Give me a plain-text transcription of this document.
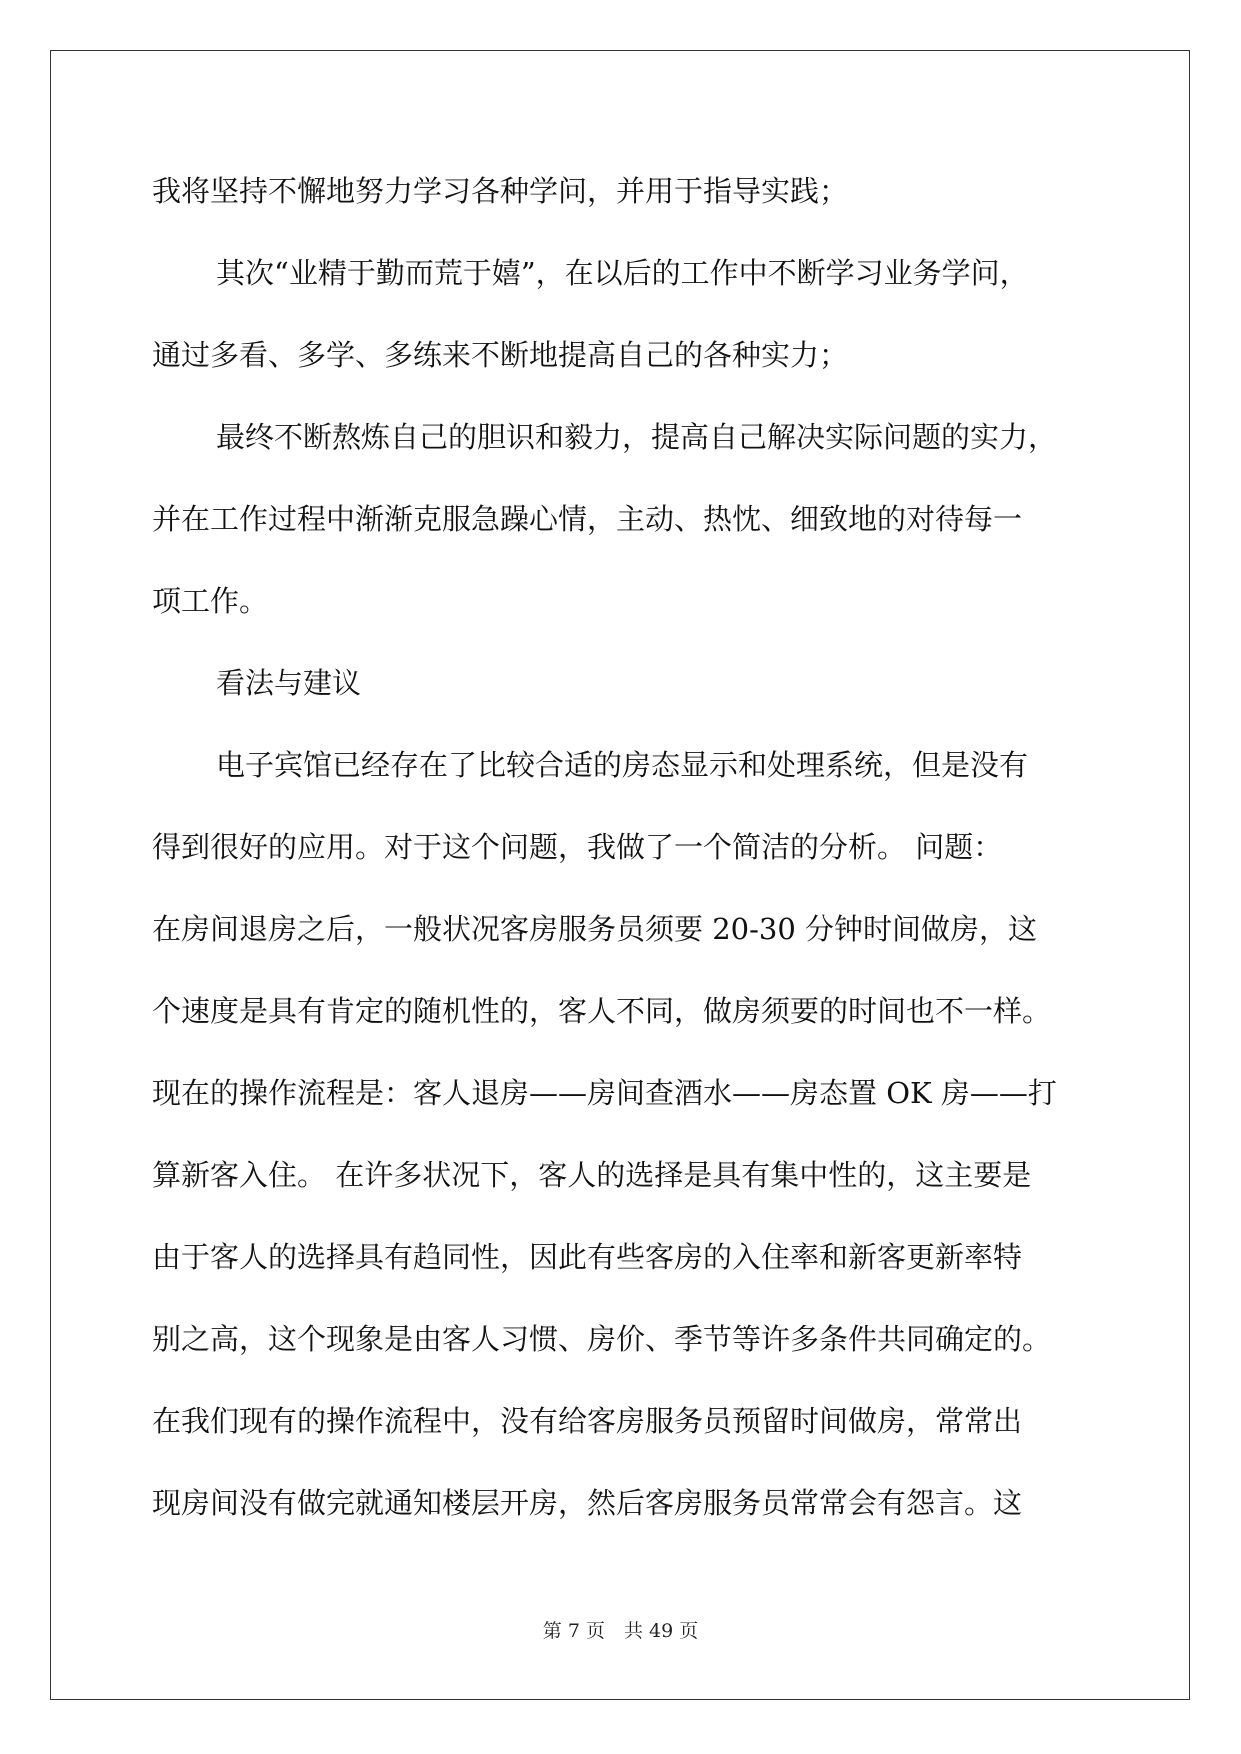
我将坚持不懈地努力学习各种学问，并用于指导实践；
其次“业精于勤而荒于嬉”，在以后的工作中不断学习业务学问，
通过多看、多学、多练来不断地提高自己的各种实力；
最终不断熬炼自己的胆识和毅力，提高自己解决实际问题的实力，
并在工作过程中渐渐克服急躁心情，主动、热忱、细致地的对待每一
项工作。
看法与建议
电子宾馆已经存在了比较合适的房态显示和处理系统，但是没有
得到很好的应用。对于这个问题，我做了一个简洁的分析。 问题：
在房间退房之后，一般状况客房服务员须要 20-30 分钟时间做房，这
个速度是具有肯定的随机性的，客人不同，做房须要的时间也不一样。
现在的操作流程是：客人退房——房间查酒水——房态置 OK 房——打
算新客入住。 在许多状况下，客人的选择是具有集中性的，这主要是
由于客人的选择具有趋同性，因此有些客房的入住率和新客更新率特
别之高，这个现象是由客人习惯、房价、季节等许多条件共同确定的。
在我们现有的操作流程中，没有给客房服务员预留时间做房，常常出
现房间没有做完就通知楼层开房，然后客房服务员常常会有怨言。这
第 7 页　共 49 页
